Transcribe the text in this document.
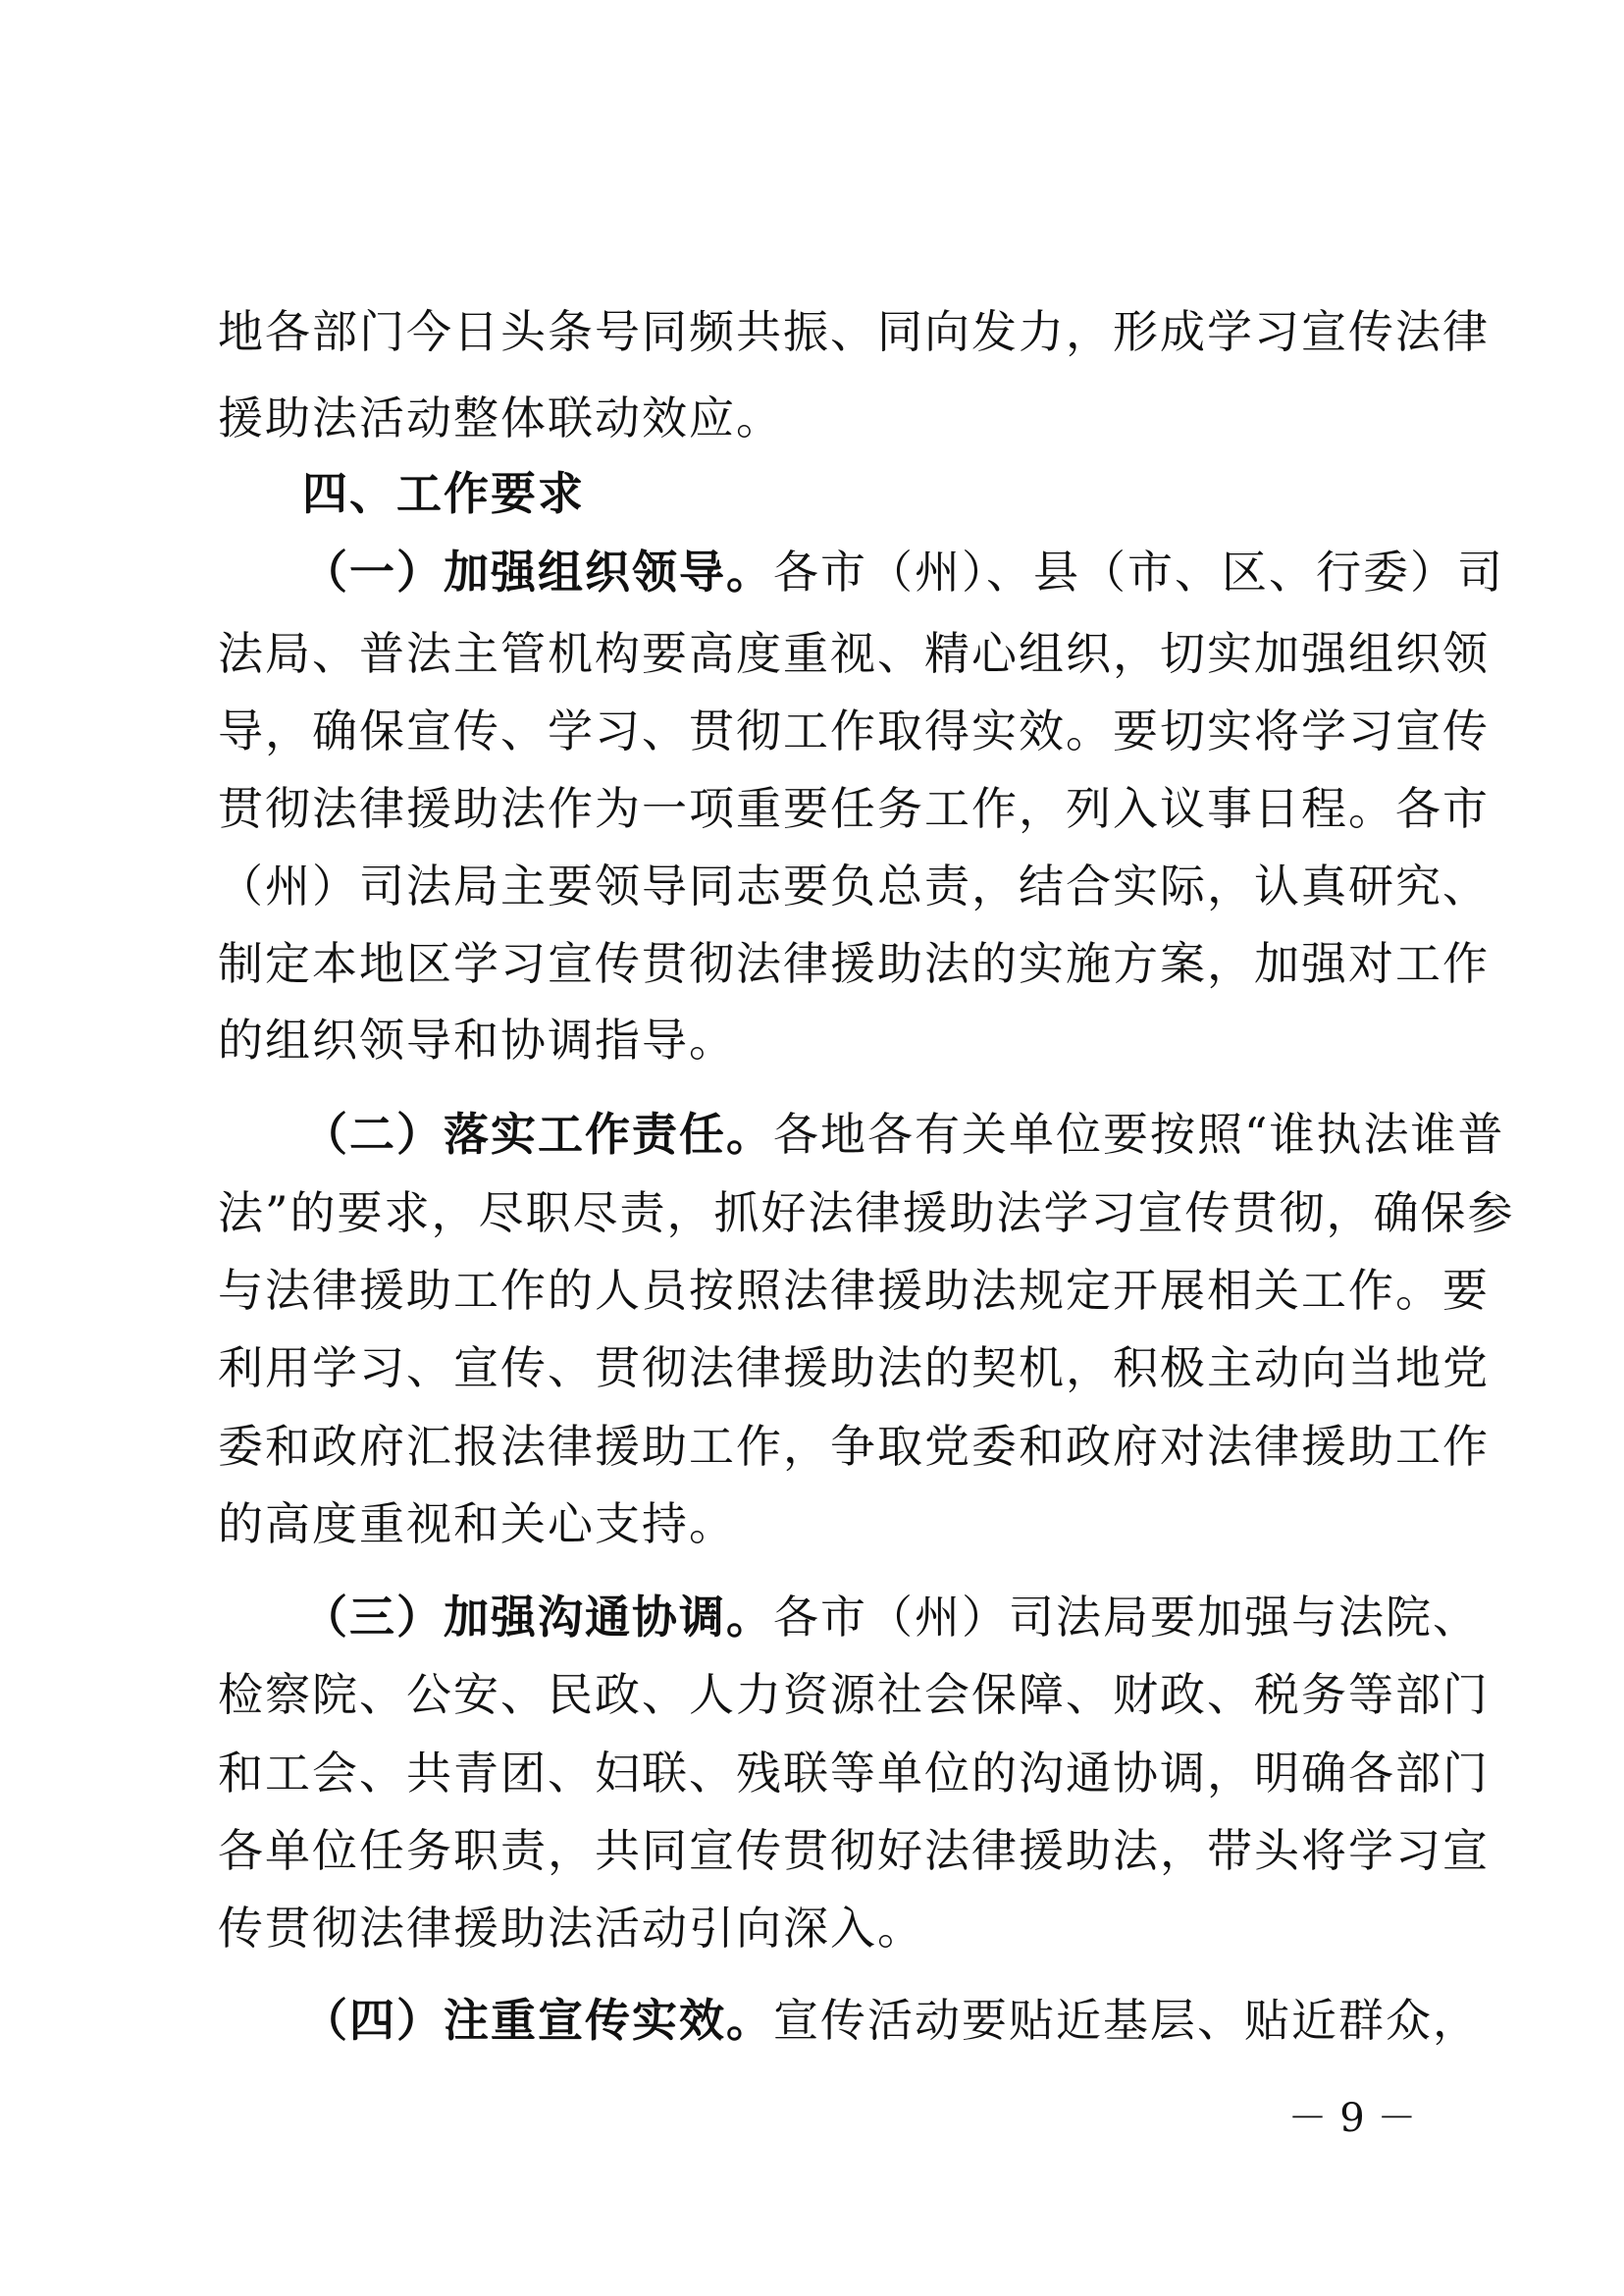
地各部门今日头条号同频共振、同向发力，形成学习宣传法律
援助法活动整体联动效应。
四、工作要求
（一）加强组织领导。各市（州）、县（市、区、行委）司
法局、普法主管机构要高度重视、精心组织，切实加强组织领
导，确保宣传、学习、贯彻工作取得实效。要切实将学习宣传
贯彻法律援助法作为一项重要任务工作，列入议事日程。各市
（州）司法局主要领导同志要负总责，结合实际，认真研究、
制定本地区学习宣传贯彻法律援助法的实施方案，加强对工作
的组织领导和协调指导。
（二）落实工作责任。各地各有关单位要按照“谁执法谁普
法”的要求，尽职尽责，抓好法律援助法学习宣传贯彻，确保参
与法律援助工作的人员按照法律援助法规定开展相关工作。要
利用学习、宣传、贯彻法律援助法的契机，积极主动向当地党
委和政府汇报法律援助工作，争取党委和政府对法律援助工作
的高度重视和关心支持。
（三）加强沟通协调。各市（州）司法局要加强与法院、
检察院、公安、民政、人力资源社会保障、财政、税务等部门
和工会、共青团、妇联、残联等单位的沟通协调，明确各部门
各单位任务职责，共同宣传贯彻好法律援助法，带头将学习宣
传贯彻法律援助法活动引向深入。
（四）注重宣传实效。宣传活动要贴近基层、贴近群众，
－ 9 －
